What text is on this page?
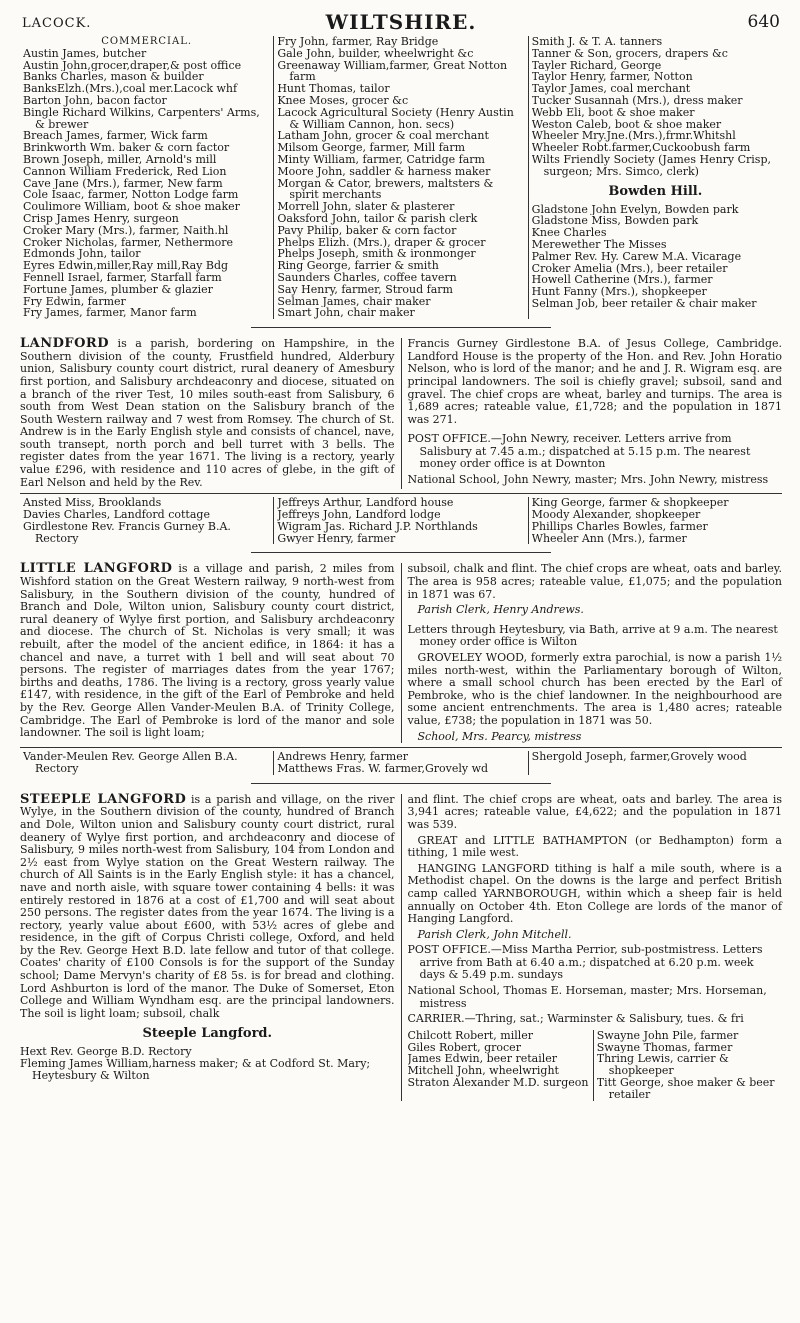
LACOCK.	WILTSHIRE.	640

COMMERCIAL.

Austin James, butcher
Austin John,grocer,draper,& post office
Banks Charles, mason & builder
BanksElzh.(Mrs.),coal mer.Lacock whf
Barton John, bacon factor
Bingle Richard Wilkins, Carpenters' Arms, & brewer
Breach James, farmer, Wick farm
Brinkworth Wm. baker & corn factor
Brown Joseph, miller, Arnold's mill
Cannon William Frederick, Red Lion
Cave Jane (Mrs.), farmer, New farm
Cole Isaac, farmer, Notton Lodge farm
Coulimore William, boot & shoe maker
Crisp James Henry, surgeon
Croker Mary (Mrs.), farmer, Naith.hl
Croker Nicholas, farmer, Nethermore
Edmonds John, tailor
Eyres Edwin,miller,Ray mill,Ray Bdg
Fennell Israel, farmer, Starfall farm
Fortune James, plumber & glazier
Fry Edwin, farmer
Fry James, farmer, Manor farm
Fry John, farmer, Ray Bridge
Gale John, builder, wheelwright &c
Greenaway William,farmer, Great Notton farm
Hunt Thomas, tailor
Knee Moses, grocer &c
Lacock Agricultural Society (Henry Austin & William Cannon, hon. secs)
Latham John, grocer & coal merchant
Milsom George, farmer, Mill farm
Minty William, farmer, Catridge farm
Moore John, saddler & harness maker
Morgan & Cator, brewers, maltsters & spirit merchants
Morrell John, slater & plasterer
Oaksford John, tailor & parish clerk
Pavy Philip, baker & corn factor
Phelps Elizh. (Mrs.), draper & grocer
Phelps Joseph, smith & ironmonger
Ring George, farrier & smith
Saunders Charles, coffee tavern
Say Henry, farmer, Stroud farm
Selman James, chair maker
Smart John, chair maker
Smith J. & T. A. tanners
Tanner & Son, grocers, drapers &c
Tayler Richard, George
Taylor Henry, farmer, Notton
Taylor James, coal merchant
Tucker Susannah (Mrs.), dress maker
Webb Eli, boot & shoe maker
Weston Caleb, boot & shoe maker
Wheeler Mry.Jne.(Mrs.),frmr.Whitshl
Wheeler Robt.farmer,Cuckoobush farm
Wilts Friendly Society (James Henry Crisp, surgeon; Mrs. Simco, clerk)
Bowden Hill.
Gladstone John Evelyn, Bowden park
Gladstone Miss, Bowden park
Knee Charles
Merewether The Misses
Palmer Rev. Hy. Carew M.A. Vicarage
Croker Amelia (Mrs.), beer retailer
Howell Catherine (Mrs.), farmer
Hunt Fanny (Mrs.), shopkeeper
Selman Job, beer retailer & chair maker

LANDFORD is a parish, bordering on Hampshire, in the Southern division of the county, Frustfield hundred, Alderbury union, Salisbury county court district, rural deanery of Amesbury first portion, and Salisbury archdeaconry and diocese, situated on a branch of the river Test, 10 miles south-east from Salisbury, 6 south from West Dean station on the Salisbury branch of the South Western railway and 7 west from Romsey. The church of St. Andrew is in the Early English style and consists of chancel, nave, south transept, north porch and bell turret with 3 bells. The register dates from the year 1671. The living is a rectory, yearly value £296, with residence and 110 acres of glebe, in the gift of Earl Nelson and held by the Rev.

Francis Gurney Girdlestone B.A. of Jesus College, Cambridge. Landford House is the property of the Hon. and Rev. John Horatio Nelson, who is lord of the manor; and he and J. R. Wigram esq. are principal landowners. The soil is chiefly gravel; subsoil, sand and gravel. The chief crops are wheat, barley and turnips. The area is 1,689 acres; rateable value, £1,728; and the population in 1871 was 271.

POST OFFICE.—John Newry, receiver. Letters arrive from Salisbury at 7.45 a.m.; dispatched at 5.15 p.m. The nearest money order office is at Downton

National School, John Newry, master; Mrs. John Newry, mistress

Ansted Miss, Brooklands
Davies Charles, Landford cottage
Girdlestone Rev. Francis Gurney B.A. Rectory
Jeffreys Arthur, Landford house
Jeffreys John, Landford lodge
Wigram Jas. Richard J.P. Northlands
Gwyer Henry, farmer
King George, farmer & shopkeeper
Moody Alexander, shopkeeper
Phillips Charles Bowles, farmer
Wheeler Ann (Mrs.), farmer

LITTLE LANGFORD is a village and parish, 2 miles from Wishford station on the Great Western railway, 9 north-west from Salisbury, in the Southern division of the county, hundred of Branch and Dole, Wilton union, Salisbury county court district, rural deanery of Wylye first portion, and Salisbury archdeaconry and diocese. The church of St. Nicholas is very small; it was rebuilt, after the model of the ancient edifice, in 1864: it has a chancel and nave, a turret with 1 bell and will seat about 70 persons. The register of marriages dates from the year 1767; births and deaths, 1786. The living is a rectory, gross yearly value £147, with residence, in the gift of the Earl of Pembroke and held by the Rev. George Allen Vander-Meulen B.A. of Trinity College, Cambridge. The Earl of Pembroke is lord of the manor and sole landowner. The soil is light loam;

subsoil, chalk and flint. The chief crops are wheat, oats and barley. The area is 958 acres; rateable value, £1,075; and the population in 1871 was 67.

Parish Clerk, Henry Andrews.

Letters through Heytesbury, via Bath, arrive at 9 a.m. The nearest money order office is Wilton

GROVELEY WOOD, formerly extra parochial, is now a parish 1½ miles north-west, within the Parliamentary borough of Wilton, where a small school church has been erected by the Earl of Pembroke, who is the chief landowner. In the neighbourhood are some ancient entrenchments. The area is 1,480 acres; rateable value, £738; the population in 1871 was 50.

School, Mrs. Pearcy, mistress

Vander-Meulen Rev. George Allen B.A. Rectory
Andrews Henry, farmer
Matthews Fras. W. farmer,Grovely wd
Shergold Joseph, farmer,Grovely wood

STEEPLE LANGFORD is a parish and village, on the river Wylye, in the Southern division of the county, hundred of Branch and Dole, Wilton union and Salisbury county court district, rural deanery of Wylye first portion, and archdeaconry and diocese of Salisbury, 9 miles north-west from Salisbury, 104 from London and 2½ east from Wylye station on the Great Western railway. The church of All Saints is in the Early English style: it has a chancel, nave and north aisle, with square tower containing 4 bells: it was entirely restored in 1876 at a cost of £1,700 and will seat about 250 persons. The register dates from the year 1674. The living is a rectory, yearly value about £600, with 53½ acres of glebe and residence, in the gift of Corpus Christi college, Oxford, and held by the Rev. George Hext B.D. late fellow and tutor of that college. Coates' charity of £100 Consols is for the support of the Sunday school; Dame Mervyn's charity of £8 5s. is for bread and clothing. Lord Ashburton is lord of the manor. The Duke of Somerset, Eton College and William Wyndham esq. are the principal landowners. The soil is light loam; subsoil, chalk

Steeple Langford.
Hext Rev. George B.D. Rectory
Fleming James William,harness maker; & at Codford St. Mary; Heytesbury & Wilton

and flint. The chief crops are wheat, oats and barley. The area is 3,941 acres; rateable value, £4,622; and the population in 1871 was 539.

GREAT and LITTLE BATHAMPTON (or Bedhampton) form a tithing, 1 mile west.

HANGING LANGFORD tithing is half a mile south, where is a Methodist chapel. On the downs is the large and perfect British camp called YARNBOROUGH, within which a sheep fair is held annually on October 4th. Eton College are lords of the manor of Hanging Langford.

Parish Clerk, John Mitchell.

POST OFFICE.—Miss Martha Perrior, sub-postmistress. Letters arrive from Bath at 6.40 a.m.; dispatched at 6.20 p.m. week days & 5.49 p.m. sundays

National School, Thomas E. Horseman, master; Mrs. Horseman, mistress

CARRIER.—Thring, sat.; Warminster & Salisbury, tues. & fri

Chilcott Robert, miller
Giles Robert, grocer
James Edwin, beer retailer
Mitchell John, wheelwright
Straton Alexander M.D. surgeon
Swayne John Pile, farmer
Swayne Thomas, farmer
Thring Lewis, carrier & shopkeeper
Titt George, shoe maker & beer retailer
